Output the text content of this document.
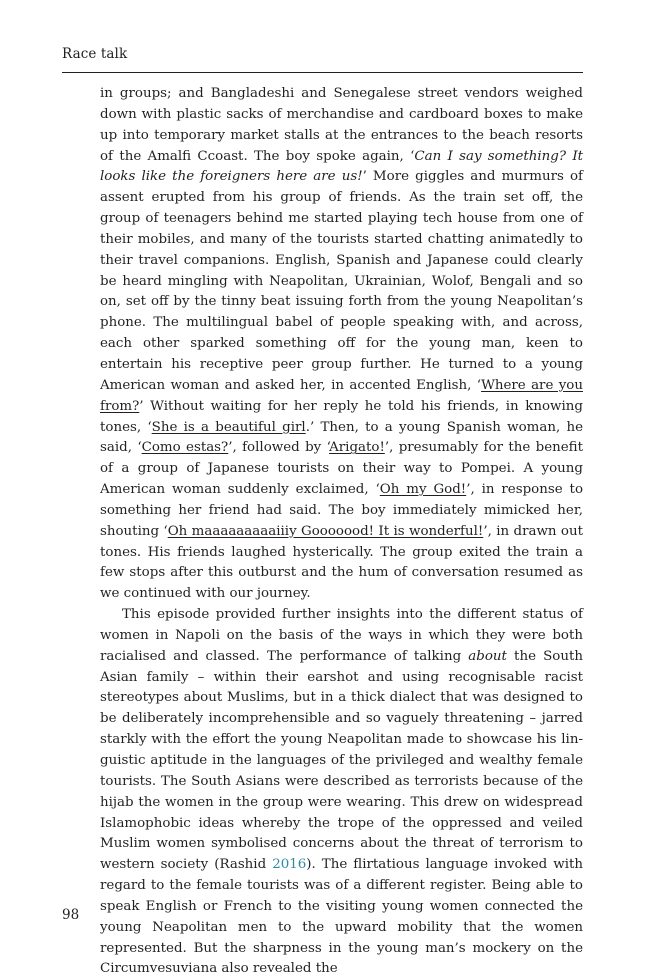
Race talk

in groups; and Bangladeshi and Senegalese street vendors weighed down with plastic sacks of merchandise and cardboard boxes to make up into temporary market stalls at the entrances to the beach resorts of the Amalfi Ccoast. The boy spoke again, ‘Can I say something? It looks like the foreigners here are us!’ More giggles and murmurs of assent erupted from his group of friends. As the train set off, the group of teenagers behind me started playing tech house from one of their mobiles, and many of the tourists started chatting animatedly to their travel companions. English, Spanish and Japanese could clearly be heard mingling with Neapolitan, Ukrainian, Wolof, Bengali and so on, set off by the tinny beat issuing forth from the young Neapolitan’s phone. The multilingual babel of people speaking with, and across, each other sparked something off for the young man, keen to entertain his receptive peer group further. He turned to a young American woman and asked her, in accented English, ‘Where are you from?’ Without waiting for her reply he told his friends, in knowing tones, ‘She is a beautiful girl.’ Then, to a young Spanish woman, he said, ‘Como estas?’, followed by ‘Arigato!’, presumably for the benefit of a group of Japanese tourists on their way to Pompei. A young American woman suddenly exclaimed, ‘Oh my God!’, in response to something her friend had said. The boy immediately mimicked her, shouting ‘Oh maaaaaaaaaiiiy Gooooood! It is wonderful!’, in drawn out tones. His friends laughed hysterically. The group exited the train a few stops after this outburst and the hum of conversation resumed as we continued with our journey.

This episode provided further insights into the different status of women in Napoli on the basis of the ways in which they were both racialised and classed. The performance of talking about the South Asian family – within their earshot and using recognisable racist stereotypes about Muslims, but in a thick dialect that was designed to be deliberately incomprehensible and so vaguely threatening – jarred starkly with the effort the young Neapolitan made to showcase his linguistic aptitude in the languages of the privileged and wealthy female tourists. The South Asians were described as terrorists because of the hijab the women in the group were wearing. This drew on widespread Islamophobic ideas whereby the trope of the oppressed and veiled Muslim women symbolised concerns about the threat of terrorism to western society (Rashid 2016). The flirtatious language invoked with regard to the female tourists was of a different register. Being able to speak English or French to the visiting young women connected the young Neapolitan men to the upward mobility that the women represented. But the sharpness in the young man’s mockery on the Circumvesuviana also revealed the

98
